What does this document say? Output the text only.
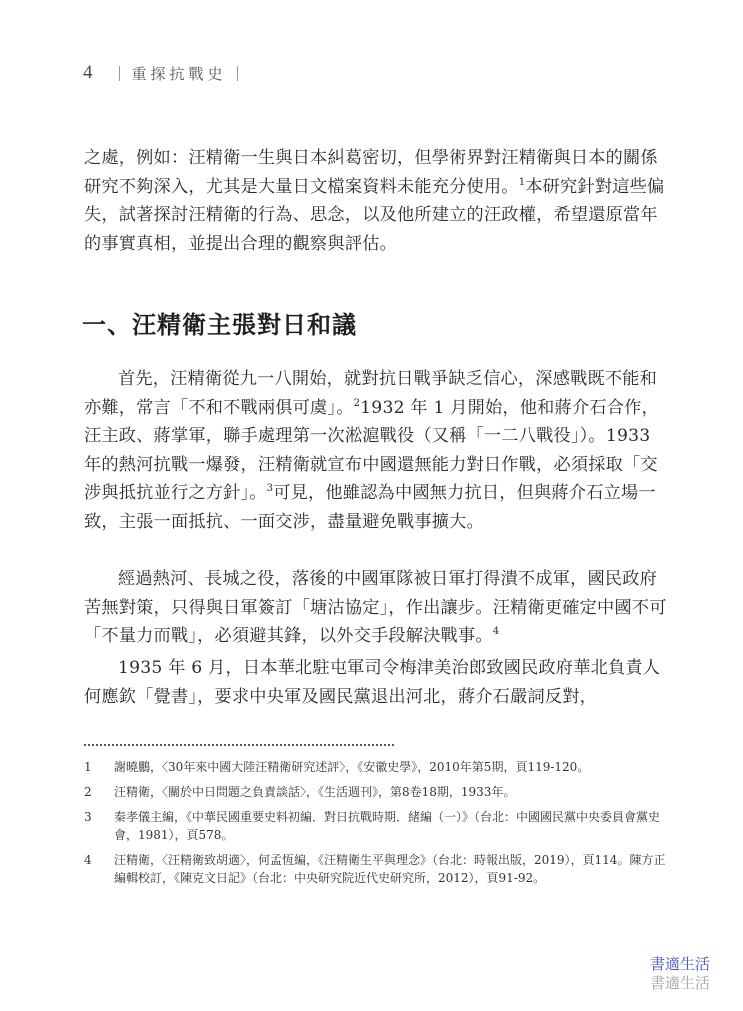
4	重探抗戰史

之處，例如：汪精衛一生與日本糾葛密切，但學術界對汪精衛與日本的關係研究不夠深入，尤其是大量日文檔案資料未能充分使用。$^1$本研究針對這些偏失，試著探討汪精衛的行為、思念，以及他所建立的汪政權，希望還原當年的事實真相，並提出合理的觀察與評估。

一、汪精衛主張對日和議

首先，汪精衛從九一八開始，就對抗日戰爭缺乏信心，深感戰既不能和亦難，常言「不和不戰兩俱可虞」。$^2$1932 年 1 月開始，他和蔣介石合作，汪主政、蔣掌軍，聯手處理第一次淞滬戰役（又稱「一二八戰役」）。1933 年的熱河抗戰一爆發，汪精衛就宣布中國還無能力對日作戰，必須採取「交涉與抵抗並行之方針」。$^3$可見，他雖認為中國無力抗日，但與蔣介石立場一致，主張一面抵抗、一面交涉，盡量避免戰事擴大。

經過熱河、長城之役，落後的中國軍隊被日軍打得潰不成軍，國民政府苦無對策，只得與日軍簽訂「塘沽協定」，作出讓步。汪精衛更確定中國不可「不量力而戰」，必須避其鋒，以外交手段解決戰事。$^4$

1935 年 6 月，日本華北駐屯軍司令梅津美治郎致國民政府華北負責人何應欽「覺書」，要求中央軍及國民黨退出河北，蔣介石嚴詞反對，

1	謝曉鵬，〈30年來中國大陸汪精衛研究述評〉，《安徽史學》，2010年第5期，頁119-120。
2	汪精衛，〈關於中日問題之負責談話〉，《生活週刊》，第8卷18期，1933年。
3	秦孝儀主編，《中華民國重要史料初編．對日抗戰時期．緒編（一）》（台北：中國國民黨中央委員會黨史會，1981），頁578。
4	汪精衛，〈汪精衛致胡適〉，何孟恆編，《汪精衛生平與理念》（台北：時報出版，2019），頁114。陳方正編輯校訂，《陳克文日記》（台北：中央研究院近代史研究所，2012），頁91-92。
書適生活
書適生活
